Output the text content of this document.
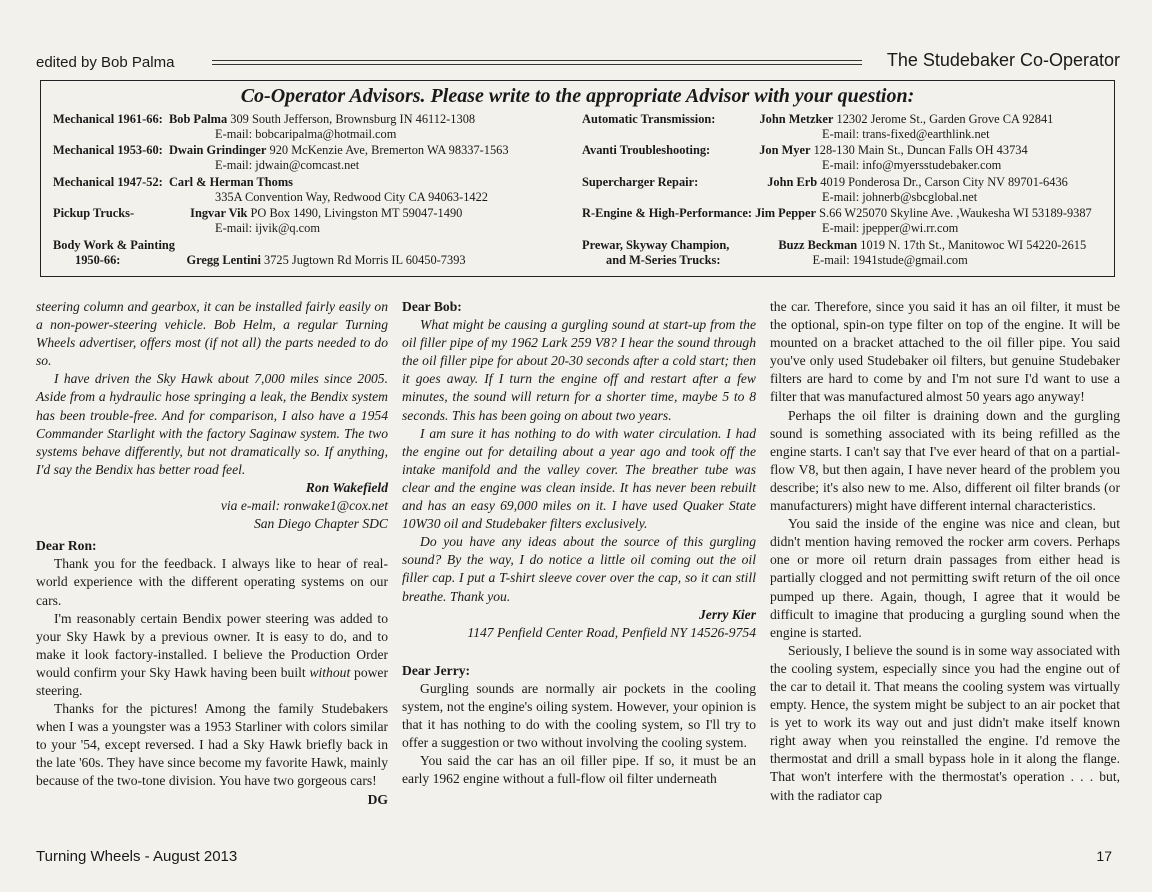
edited by Bob Palma	The Studebaker Co-Operator
Co-Operator Advisors. Please write to the appropriate Advisor with your question:
Mechanical 1961-66: Bob Palma 309 South Jefferson, Brownsburg IN 46112-1308
E-mail: bobcaripalma@hotmail.com
Mechanical 1953-60: Dwain Grindinger 920 McKenzie Ave, Bremerton WA 98337-1563
E-mail: jdwain@comcast.net
Mechanical 1947-52: Carl & Herman Thoms
335A Convention Way, Redwood City CA 94063-1422
Pickup Trucks-	Ingvar Vik PO Box 1490, Livingston MT 59047-1490
E-mail: ijvik@q.com
Body Work & Painting
1950-66:	Gregg Lentini 3725 Jugtown Rd Morris IL 60450-7393
Automatic Transmission:	John Metzker 12302 Jerome St., Garden Grove CA 92841
E-mail: trans-fixed@earthlink.net
Avanti Troubleshooting:	Jon Myer 128-130 Main St., Duncan Falls OH 43734
E-mail: info@myersstudebaker.com
Supercharger Repair:	John Erb 4019 Ponderosa Dr., Carson City NV 89701-6436
E-mail: johnerb@sbcglobal.net
R-Engine & High-Performance: Jim Pepper S.66 W25070 Skyline Ave. ,Waukesha WI 53189-9387
E-mail: jpepper@wi.rr.com
Prewar, Skyway Champion,	Buzz Beckman 1019 N. 17th St., Manitowoc WI 54220-2615
and M-Series Trucks:	E-mail: 1941stude@gmail.com

steering column and gearbox, it can be installed fairly easily on a non-power-steering vehicle. Bob Helm, a regular Turning Wheels advertiser, offers most (if not all) the parts needed to do so.

I have driven the Sky Hawk about 7,000 miles since 2005. Aside from a hydraulic hose springing a leak, the Bendix system has been trouble-free. And for comparison, I also have a 1954 Commander Starlight with the factory Saginaw system. The two systems behave differently, but not dramatically so. If anything, I'd say the Bendix has better road feel.

Ron Wakefield

via e-mail: ronwake1@cox.net

San Diego Chapter SDC

Dear Ron:

Thank you for the feedback. I always like to hear of real-world experience with the different operating systems on our cars.

I'm reasonably certain Bendix power steering was added to your Sky Hawk by a previous owner. It is easy to do, and to make it look factory-installed. I believe the Production Order would confirm your Sky Hawk having been built without power steering.

Thanks for the pictures! Among the family Studebakers when I was a youngster was a 1953 Starliner with colors similar to your '54, except reversed. I had a Sky Hawk briefly back in the late '60s. They have since become my favorite Hawk, mainly because of the two-tone division. You have two gorgeous cars!
DG

Dear Bob:

What might be causing a gurgling sound at start-up from the oil filler pipe of my 1962 Lark 259 V8? I hear the sound through the oil filler pipe for about 20-30 seconds after a cold start; then it goes away. If I turn the engine off and restart after a few minutes, the sound will return for a shorter time, maybe 5 to 8 seconds. This has been going on about two years.

I am sure it has nothing to do with water circulation. I had the engine out for detailing about a year ago and took off the intake manifold and the valley cover. The breather tube was clear and the engine was clean inside. It has never been rebuilt and has an easy 69,000 miles on it. I have used Quaker State 10W30 oil and Studebaker filters exclusively.

Do you have any ideas about the source of this gurgling sound? By the way, I do notice a little oil coming out the oil filler cap. I put a T-shirt sleeve cover over the cap, so it can still breathe. Thank you.

Jerry Kier

1147 Penfield Center Road, Penfield NY 14526-9754

Dear Jerry:

Gurgling sounds are normally air pockets in the cooling system, not the engine's oiling system. However, your opinion is that it has nothing to do with the cooling system, so I'll try to offer a suggestion or two without involving the cooling system.

You said the car has an oil filler pipe. If so, it must be an early 1962 engine without a full-flow oil filter underneath

the car. Therefore, since you said it has an oil filter, it must be the optional, spin-on type filter on top of the engine. It will be mounted on a bracket attached to the oil filler pipe. You said you've only used Studebaker oil filters, but genuine Studebaker filters are hard to come by and I'm not sure I'd want to use a filter that was manufactured almost 50 years ago anyway!

Perhaps the oil filter is draining down and the gurgling sound is something associated with its being refilled as the engine starts. I can't say that I've ever heard of that on a partial-flow V8, but then again, I have never heard of the problem you describe; it's also new to me. Also, different oil filter brands (or manufacturers) might have different internal characteristics.

You said the inside of the engine was nice and clean, but didn't mention having removed the rocker arm covers. Perhaps one or more oil return drain passages from either head is partially clogged and not permitting swift return of the oil once pumped up there. Again, though, I agree that it would be difficult to imagine that producing a gurgling sound when the engine is started.

Seriously, I believe the sound is in some way associated with the cooling system, especially since you had the engine out of the car to detail it. That means the cooling system was virtually empty. Hence, the system might be subject to an air pocket that is yet to work its way out and just didn't make itself known right away when you reinstalled the engine. I'd remove the thermostat and drill a small bypass hole in it along the flange. That won't interfere with the thermostat's operation . . . but, with the radiator cap

Turning Wheels - August 2013	17
